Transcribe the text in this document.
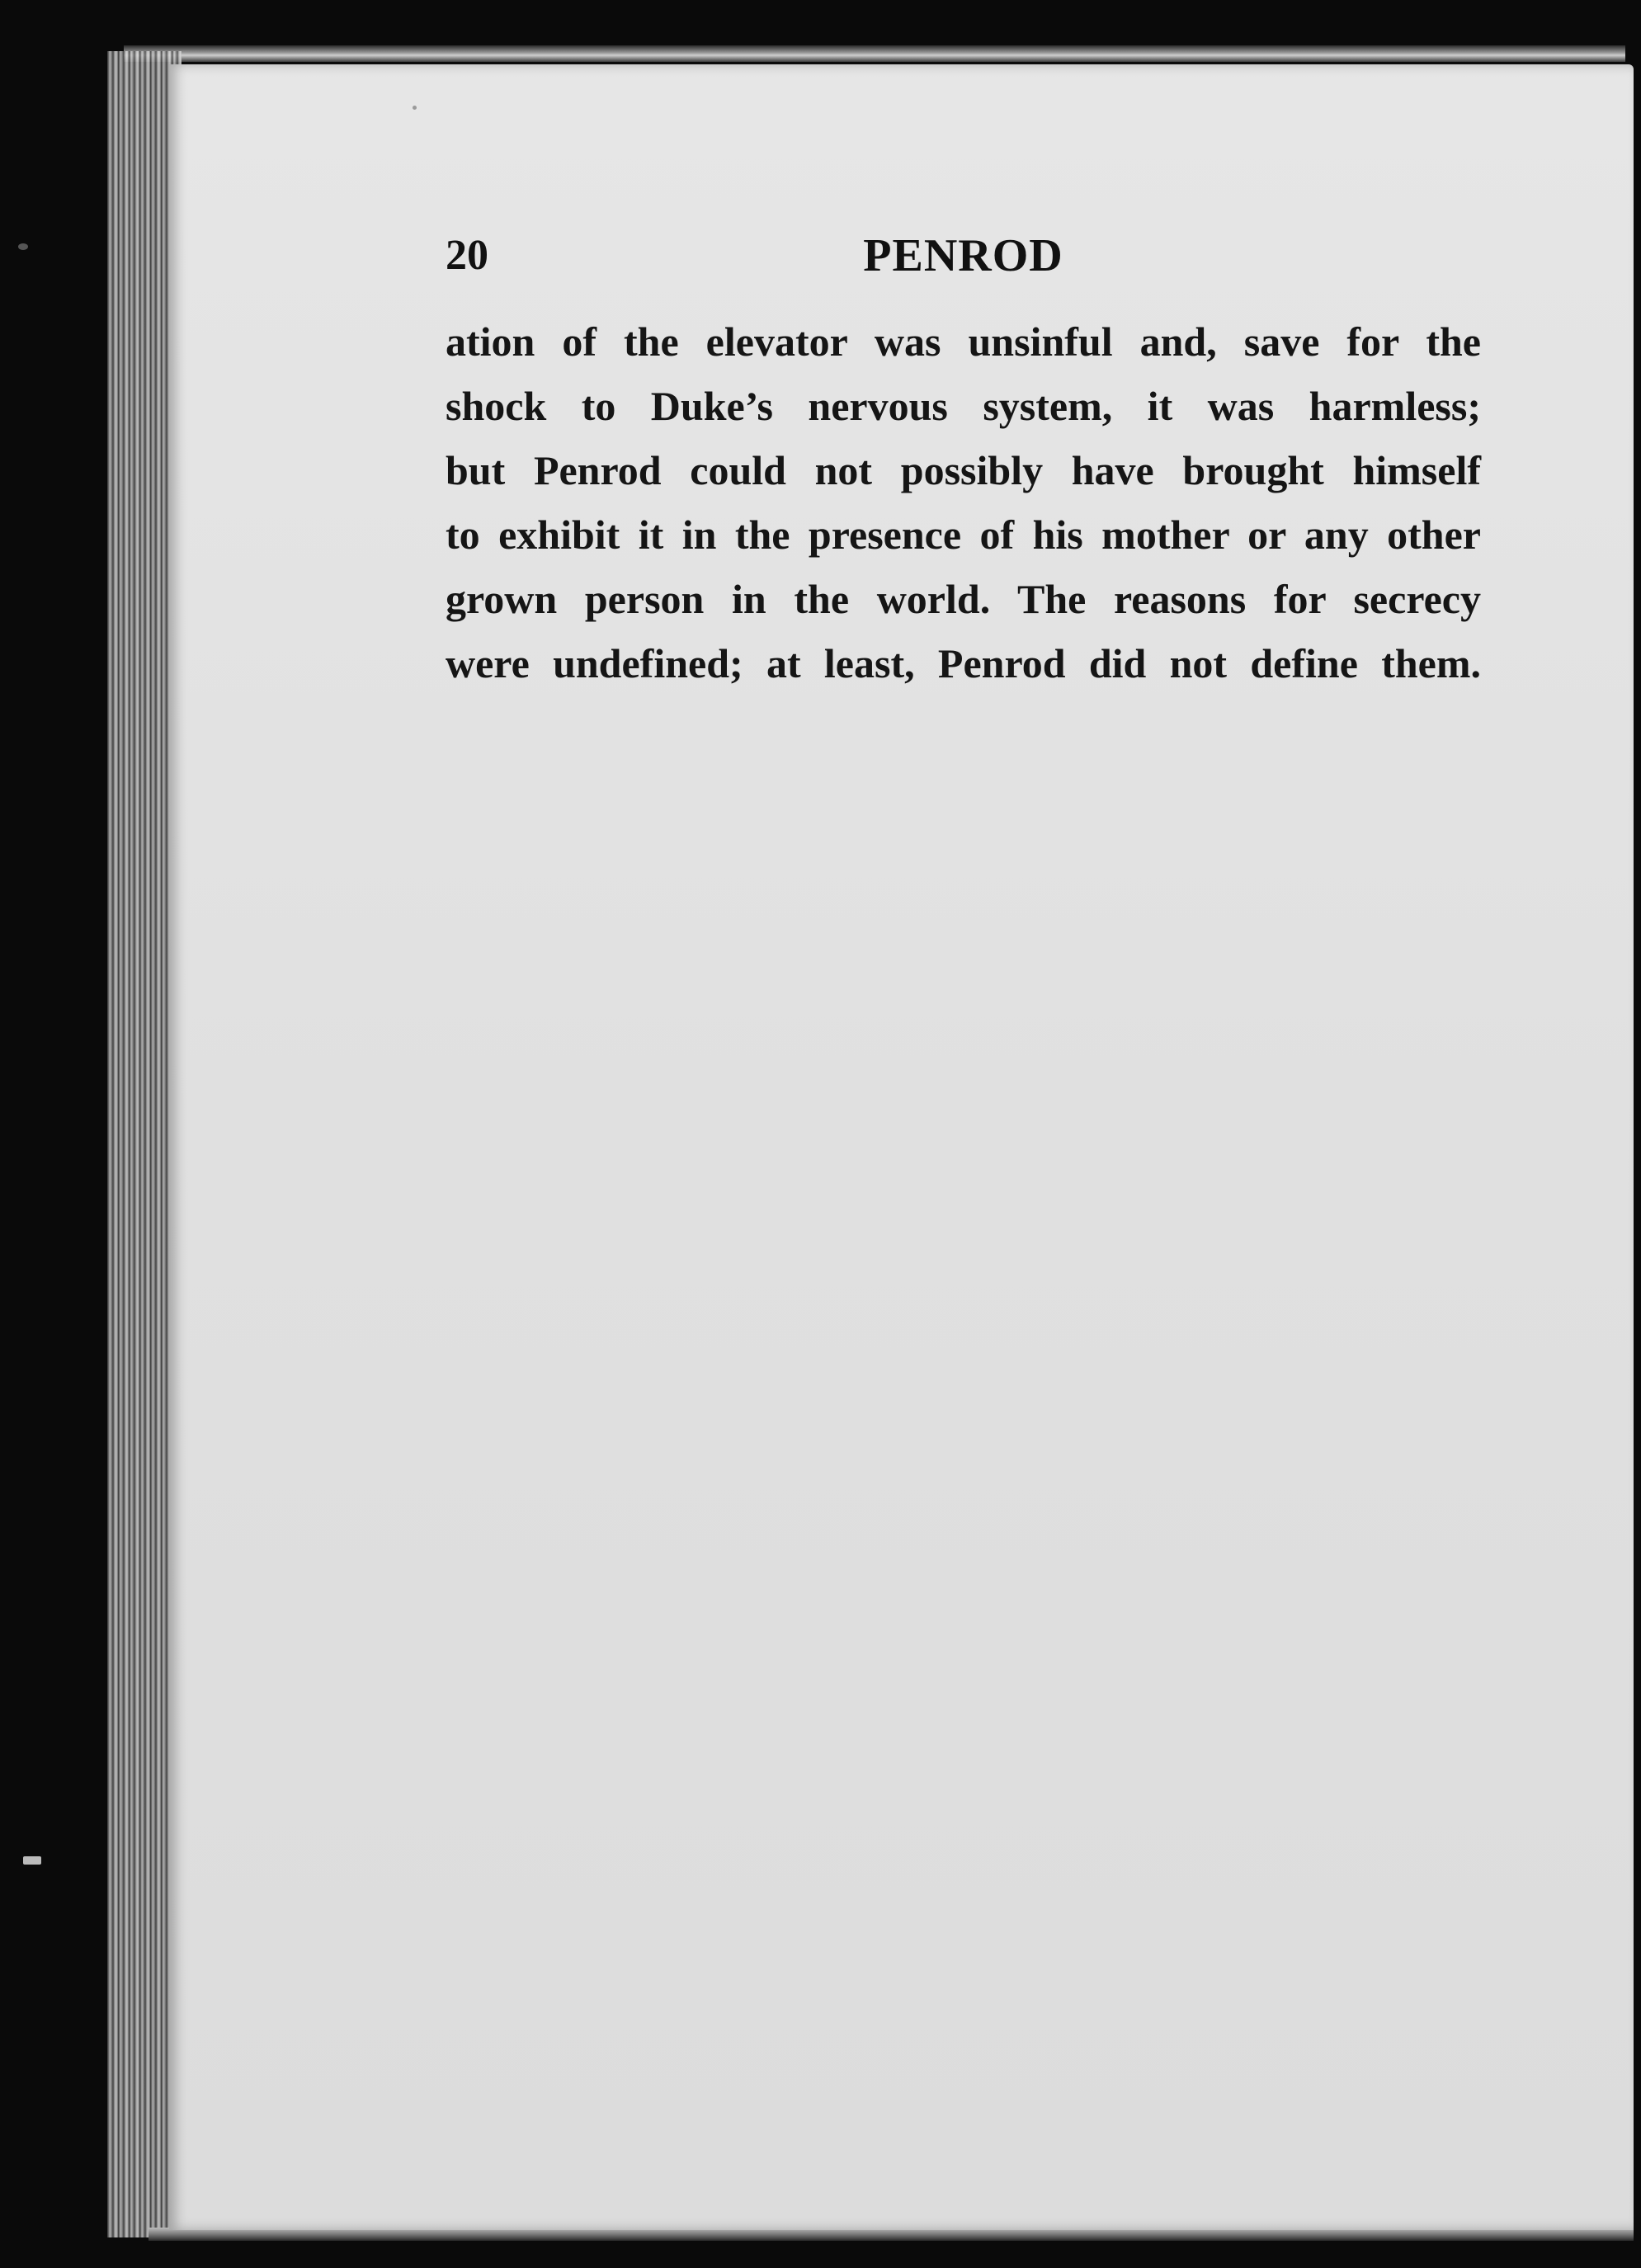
20	PENROD
ation of the elevator was unsinful and, save for the
shock to Duke’s nervous system, it was harmless;
but Penrod could not possibly have brought himself
to exhibit it in the presence of his mother or any other
grown person in the world. The reasons for secrecy
were undefined; at least, Penrod did not define them.
